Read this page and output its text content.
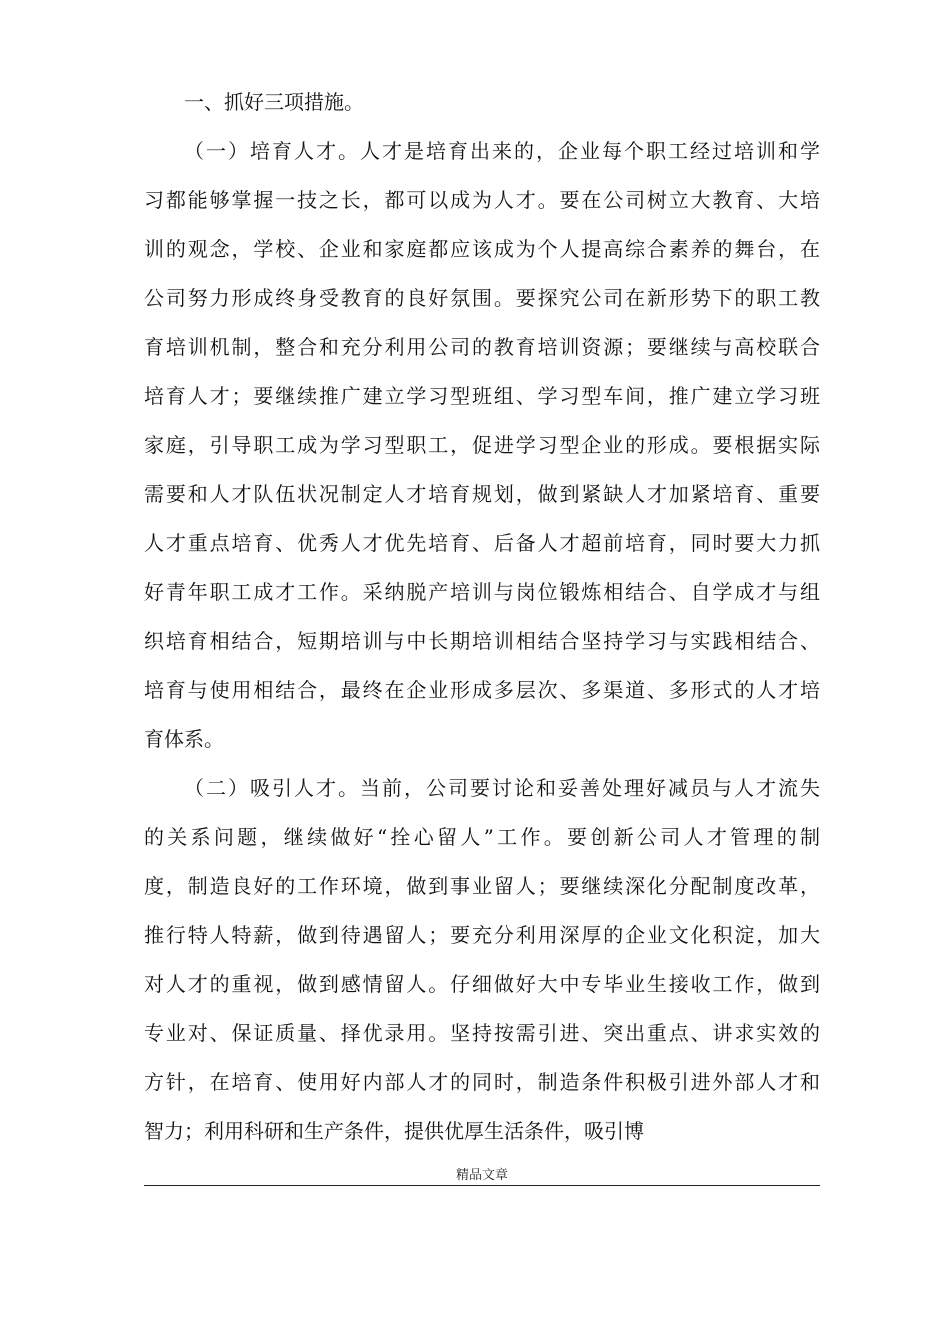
一、抓好三项措施。
（一）培育人才。人才是培育出来的，企业每个职工经过培训和学
习都能够掌握一技之长，都可以成为人才。要在公司树立大教育、大培
训的观念，学校、企业和家庭都应该成为个人提高综合素养的舞台，在
公司努力形成终身受教育的良好氛围。要探究公司在新形势下的职工教
育培训机制，整合和充分利用公司的教育培训资源；要继续与高校联合
培育人才；要继续推广建立学习型班组、学习型车间，推广建立学习班
家庭，引导职工成为学习型职工，促进学习型企业的形成。要根据实际
需要和人才队伍状况制定人才培育规划，做到紧缺人才加紧培育、重要
人才重点培育、优秀人才优先培育、后备人才超前培育，同时要大力抓
好青年职工成才工作。采纳脱产培训与岗位锻炼相结合、自学成才与组
织培育相结合，短期培训与中长期培训相结合坚持学习与实践相结合、
培育与使用相结合，最终在企业形成多层次、多渠道、多形式的人才培
育体系。
（二）吸引人才。当前，公司要讨论和妥善处理好减员与人才流失
的关系问题，继续做好“拴心留人”工作。要创新公司人才管理的制
度，制造良好的工作环境，做到事业留人；要继续深化分配制度改革，
推行特人特薪，做到待遇留人；要充分利用深厚的企业文化积淀，加大
对人才的重视，做到感情留人。仔细做好大中专毕业生接收工作，做到
专业对、保证质量、择优录用。坚持按需引进、突出重点、讲求实效的
方针，在培育、使用好内部人才的同时，制造条件积极引进外部人才和
智力；利用科研和生产条件，提供优厚生活条件，吸引博
精品文章
